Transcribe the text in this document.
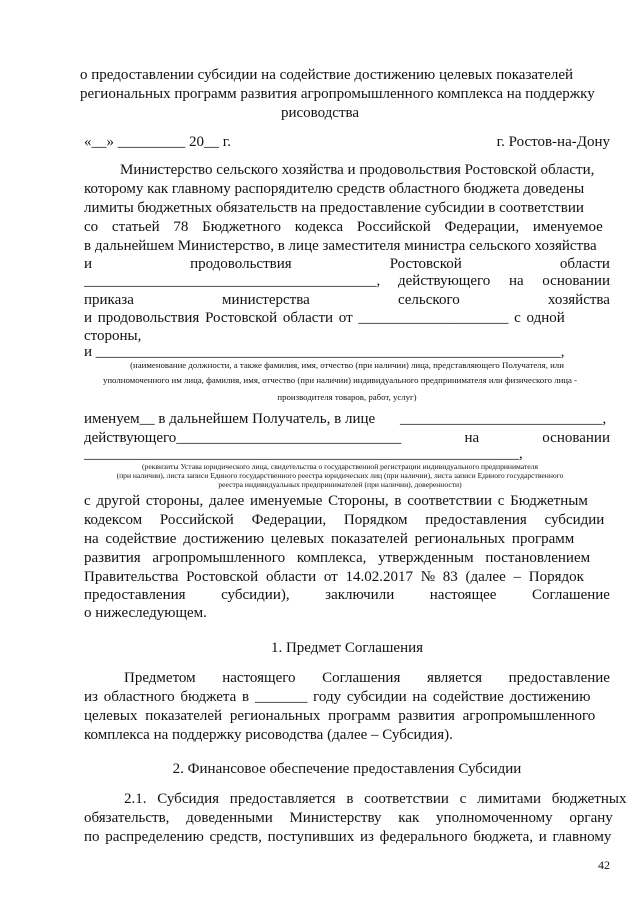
о предоставлении субсидии на содействие достижению целевых показателей
региональных программ развития агропромышленного комплекса на поддержку
рисоводства
«__» _________ 20__ г.	г. Ростов-на-Дону
Министерство сельского хозяйства и продовольствия Ростовской области,
которому как главному распорядителю средств областного бюджета доведены
лимиты бюджетных обязательств на предоставление субсидии в соответствии
со статьей 78 Бюджетного кодекса Российской Федерации, именуемое
в дальнейшем Министерство, в лице заместителя министра сельского хозяйства
и	продовольствия	Ростовской	области
_______________________________________, действующего на основании
приказа	министерства	сельского	хозяйства
и продовольствия Ростовской области от ____________________ с одной
стороны,
и ______________________________________________________________,
(наименование должности, а также фамилия, имя, отчество (при наличии) лица, представляющего Получателя, или
уполномоченного им лица, фамилия, имя, отчество (при наличии) индивидуального предпринимателя или физического лица -
производителя товаров, работ, услуг)
именуем__ в дальнейшем Получатель, в лице ___________________________,
действующего______________________________	на	основании
__________________________________________________________,
(реквизиты Устава юридического лица, свидетельства о государственной регистрации индивидуального предпринимателя
(при наличии), листа записи Единого государственного реестра юридических лиц (при наличии), листа записи Единого государственного
реестра индивидуальных предпринимателей (при наличии), доверенности)
с другой стороны, далее именуемые Стороны, в соответствии с Бюджетным
кодексом Российской Федерации, Порядком предоставления субсидии
на содействие достижению целевых показателей региональных программ
развития агропромышленного комплекса, утвержденным постановлением
Правительства Ростовской области от 14.02.2017 № 83 (далее – Порядок
предоставления субсидии), заключили настоящее Соглашение
о нижеследующем.
1. Предмет Соглашения
Предметом настоящего Соглашения является предоставление
из областного бюджета в _______ году субсидии на содействие достижению
целевых показателей региональных программ развития агропромышленного
комплекса на поддержку рисоводства (далее – Субсидия).
2. Финансовое обеспечение предоставления Субсидии
2.1. Субсидия предоставляется в соответствии с лимитами бюджетных
обязательств, доведенными Министерству как уполномоченному органу
по распределению средств, поступивших из федерального бюджета, и главному
42
